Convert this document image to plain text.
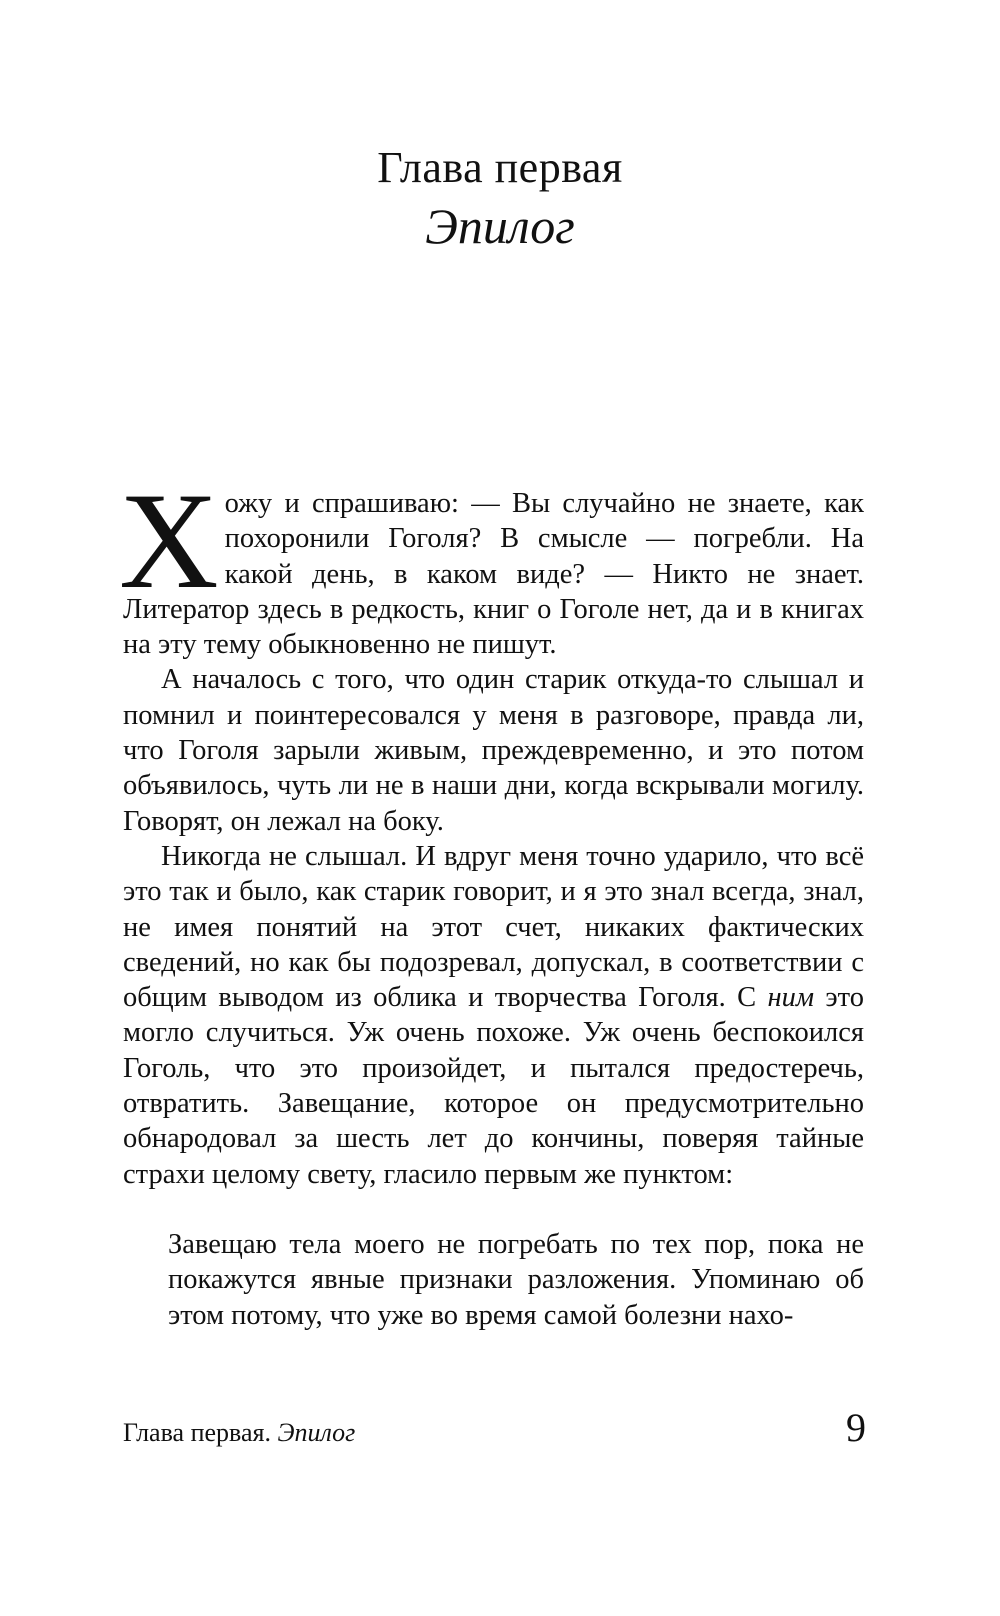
Глава первая
Эпилог

Хожу и спрашиваю: — Вы случайно не знаете, как похоронили Гоголя? В смысле — погребли. На какой день, в каком виде? — Никто не знает. Литератор здесь в редкость, книг о Гоголе нет, да и в книгах на эту тему обыкновенно не пишут.

А началось с того, что один старик откуда-то слышал и помнил и поинтересовался у меня в разговоре, правда ли, что Гоголя зарыли живым, преждевременно, и это потом объявилось, чуть ли не в наши дни, когда вскрывали могилу. Говорят, он лежал на боку.

Никогда не слышал. И вдруг меня точно ударило, что всё это так и было, как старик говорит, и я это знал всегда, знал, не имея понятий на этот счет, никаких фактических сведений, но как бы подозревал, допускал, в соответствии с общим выводом из облика и творчества Гоголя. С ним это могло случиться. Уж очень похоже. Уж очень беспокоился Гоголь, что это произойдет, и пытался предостеречь, отвратить. Завещание, которое он предусмотрительно обнародовал за шесть лет до кончины, поверяя тайные страхи целому свету, гласило первым же пунктом:

Завещаю тела моего не погребать по тех пор, пока не покажутся явные признаки разложения. Упоминаю об этом потому, что уже во время самой болезни нахо-

Глава первая. Эпилог	9
